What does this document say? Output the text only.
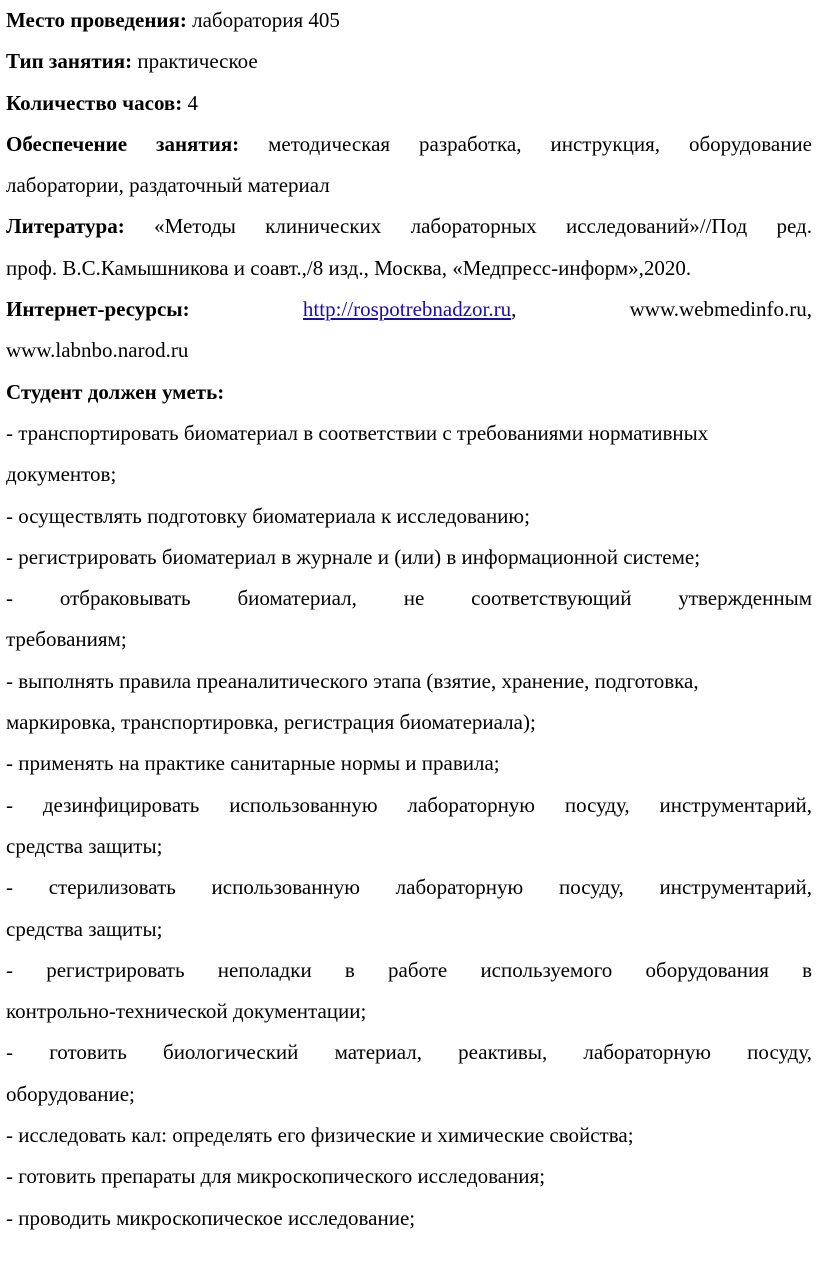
Место проведения: лаборатория 405
Тип занятия: практическое
Количество часов: 4
Обеспечение занятия: методическая разработка, инструкция, оборудование
лаборатории, раздаточный материал
Литература: «Методы клинических лабораторных исследований»//Под ред.
проф. В.С.Камышникова и соавт.,/8 изд., Москва, «Медпресс-информ»,2020.
Интернет-ресурсы:	http://rospotrebnadzor.ru,	www.webmedinfo.ru,
www.labnbo.narod.ru
Студент должен уметь:
- транспортировать биоматериал в соответствии с требованиями нормативных
документов;
- осуществлять подготовку биоматериала к исследованию;
- регистрировать биоматериал в журнале и (или) в информационной системе;
- отбраковывать биоматериал, не соответствующий утвержденным
требованиям;
- выполнять правила преаналитического этапа (взятие, хранение, подготовка,
маркировка, транспортировка, регистрация биоматериала);
- применять на практике санитарные нормы и правила;
- дезинфицировать использованную лабораторную посуду, инструментарий,
средства защиты;
- стерилизовать использованную лабораторную посуду, инструментарий,
средства защиты;
- регистрировать неполадки в работе используемого оборудования в
контрольно-технической документации;
- готовить биологический материал, реактивы, лабораторную посуду,
оборудование;
- исследовать кал: определять его физические и химические свойства;
- готовить препараты для микроскопического исследования;
- проводить микроскопическое исследование;
